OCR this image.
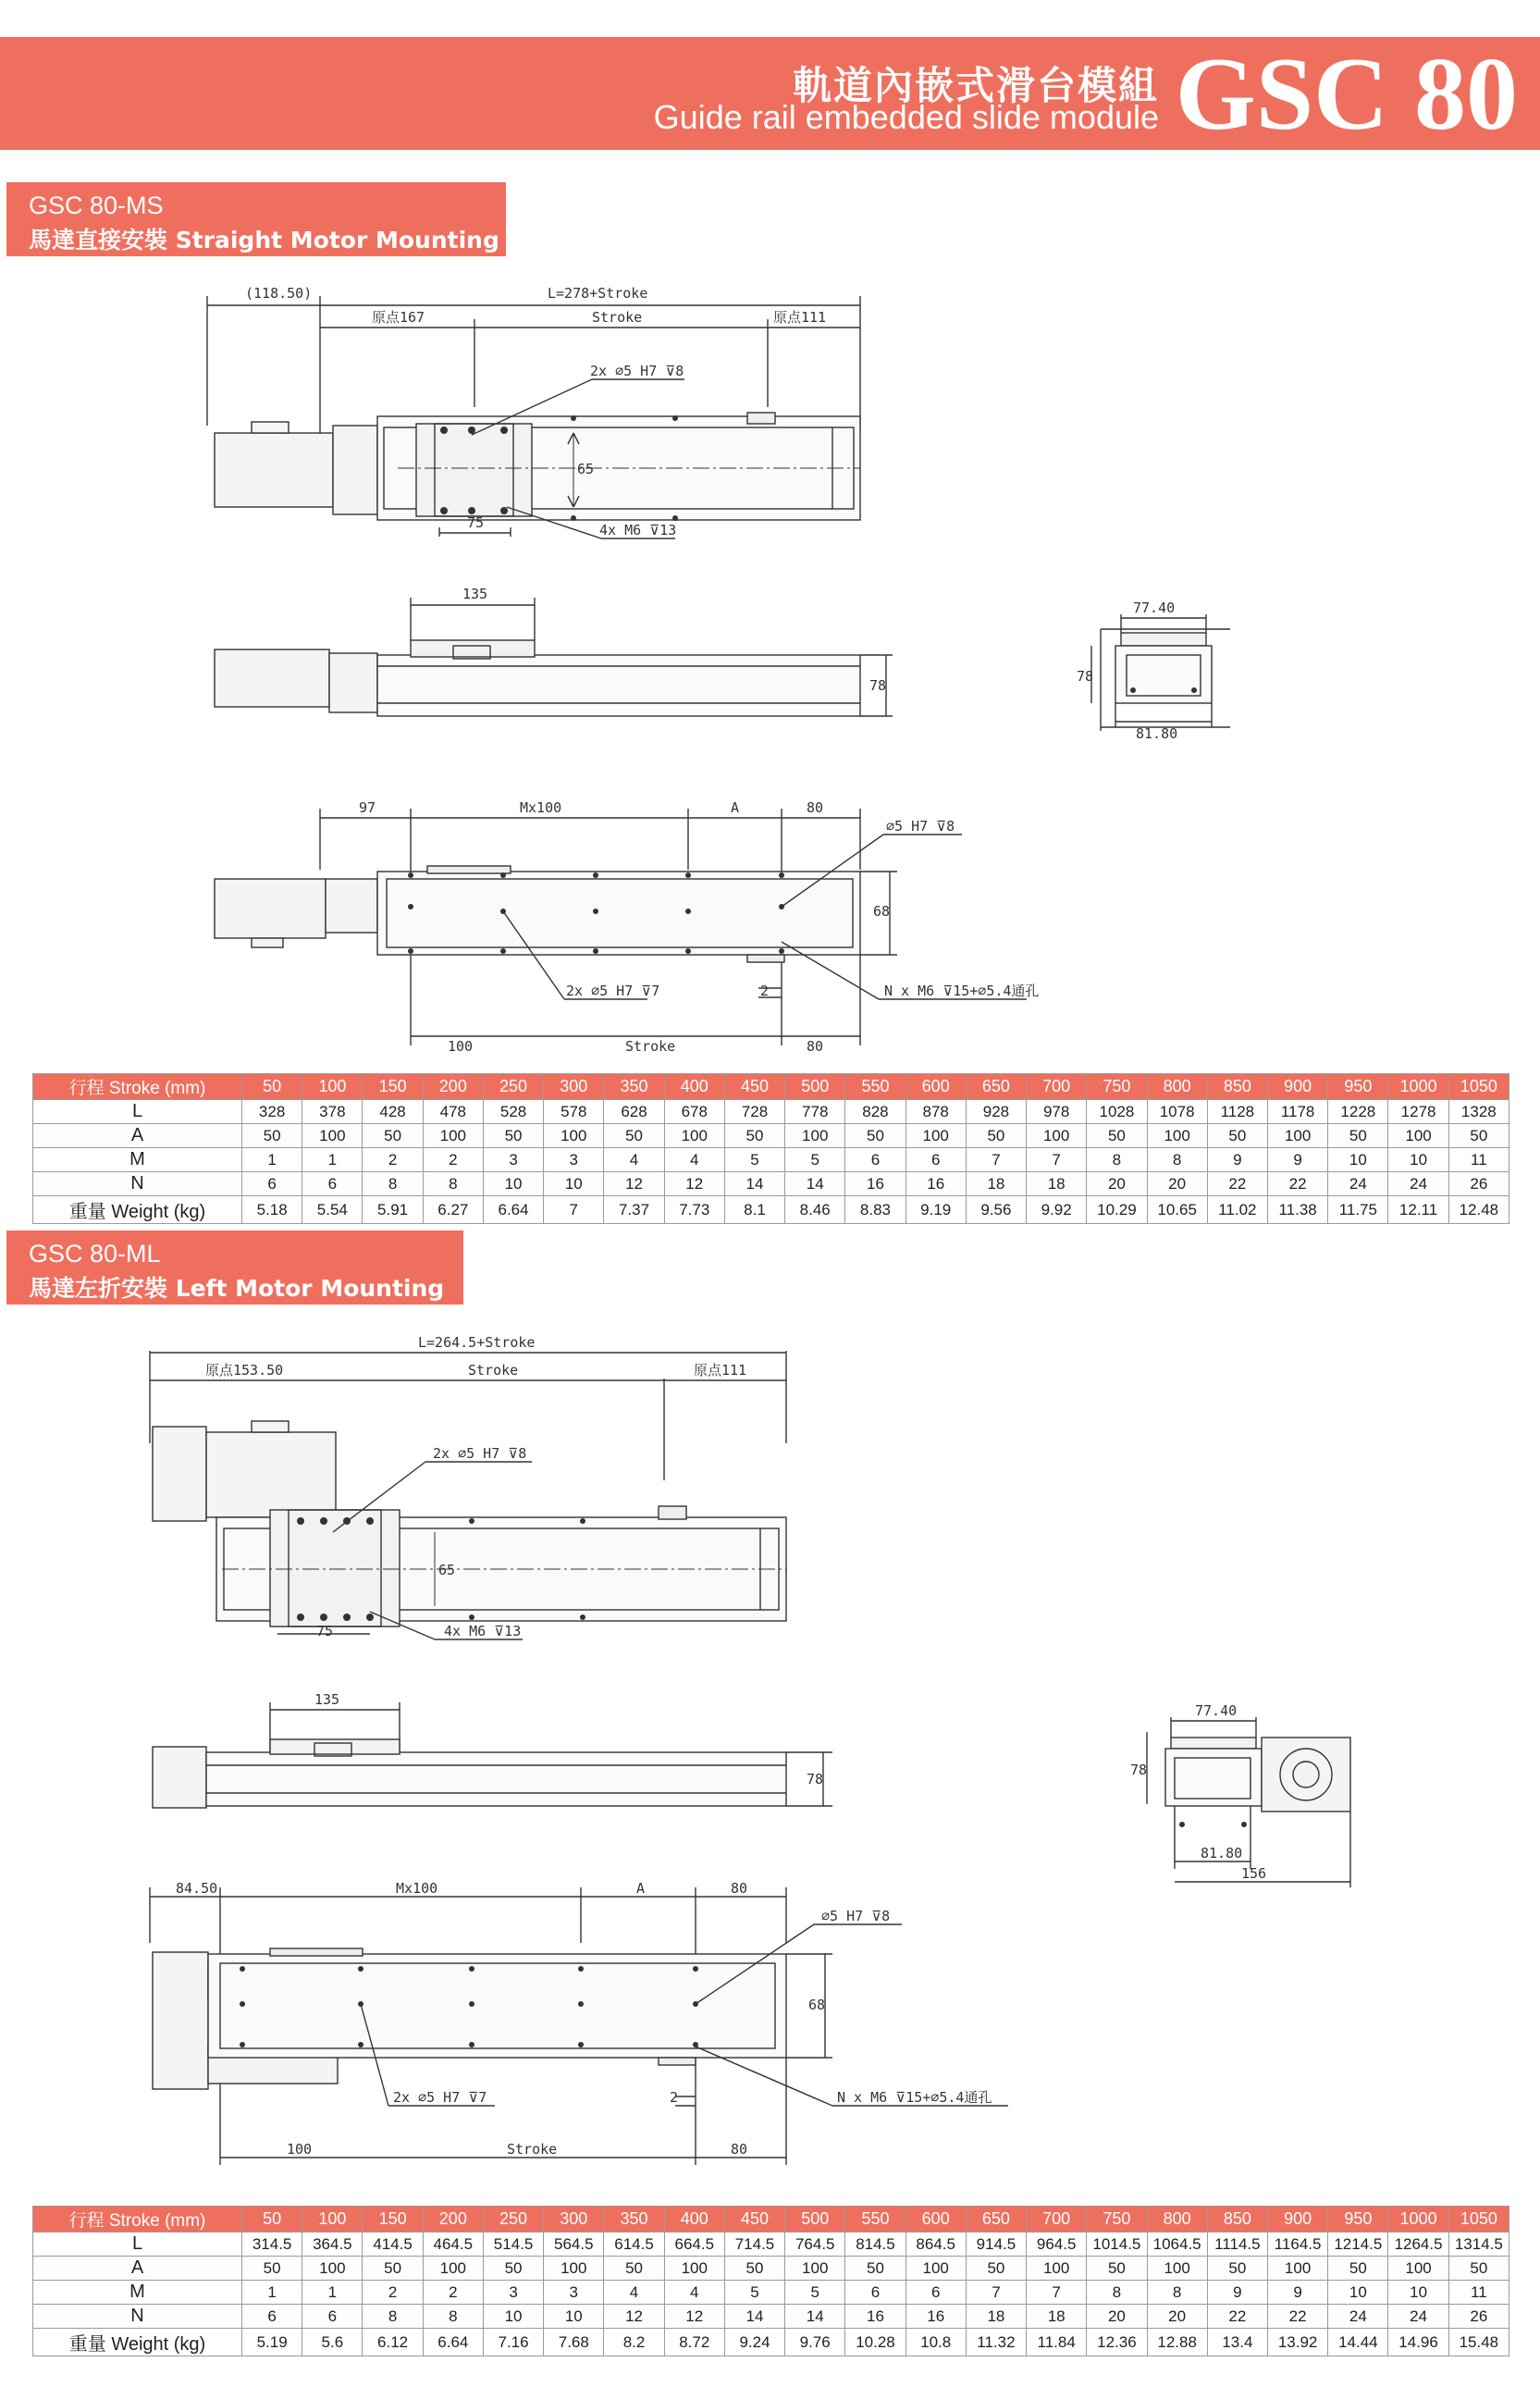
軌道內嵌式滑台模組
Guide rail embedded slide module GSC 80
GSC 80-MS
馬達直接安裝 Straight Motor Mounting
(118.50)	L=278+Stroke
原点167	Stroke	原点111
2x ⌀5 H7 ⊽8
65
75	4x M6 ⊽13
135
78
77.40
81.80
78
97	Mx100	A	80
⌀5 H7 ⊽8
68
2x ⌀5 H7 ⊽7	2	N x M6 ⊽15+⌀5.4通孔
100	Stroke	80
行程 Stroke (mm)	50	100	150	200	250	300	350	400	450	500	550	600	650	700	750	800	850	900	950	1000	1050
L	328	378	428	478	528	578	628	678	728	778	828	878	928	978	1028	1078	1128	1178	1228	1278	1328
A	50	100	50	100	50	100	50	100	50	100	50	100	50	100	50	100	50	100	50	100	50
M	1	1	2	2	3	3	4	4	5	5	6	6	7	7	8	8	9	9	10	10	11
N	6	6	8	8	10	10	12	12	14	14	16	16	18	18	20	20	22	22	24	24	26
重量 Weight (kg)	5.18	5.54	5.91	6.27	6.64	7	7.37	7.73	8.1	8.46	8.83	9.19	9.56	9.92	10.29	10.65	11.02	11.38	11.75	12.11	12.48
GSC 80-ML
馬達左折安裝 Left Motor Mounting
L=264.5+Stroke
原点153.50	Stroke	原点111
2x ⌀5 H7 ⊽8
65
75	4x M6 ⊽13
135
78
77.40
78
81.80
156
84.50	Mx100	A	80
⌀5 H7 ⊽8
68
2x ⌀5 H7 ⊽7	2	N x M6 ⊽15+⌀5.4通孔
100	Stroke	80
行程 Stroke (mm)	50	100	150	200	250	300	350	400	450	500	550	600	650	700	750	800	850	900	950	1000	1050
L	314.5	364.5	414.5	464.5	514.5	564.5	614.5	664.5	714.5	764.5	814.5	864.5	914.5	964.5	1014.5	1064.5	1114.5	1164.5	1214.5	1264.5	1314.5
A	50	100	50	100	50	100	50	100	50	100	50	100	50	100	50	100	50	100	50	100	50
M	1	1	2	2	3	3	4	4	5	5	6	6	7	7	8	8	9	9	10	10	11
N	6	6	8	8	10	10	12	12	14	14	16	16	18	18	20	20	22	22	24	24	26
重量 Weight (kg)	5.19	5.6	6.12	6.64	7.16	7.68	8.2	8.72	9.24	9.76	10.28	10.8	11.32	11.84	12.36	12.88	13.4	13.92	14.44	14.96	15.48
